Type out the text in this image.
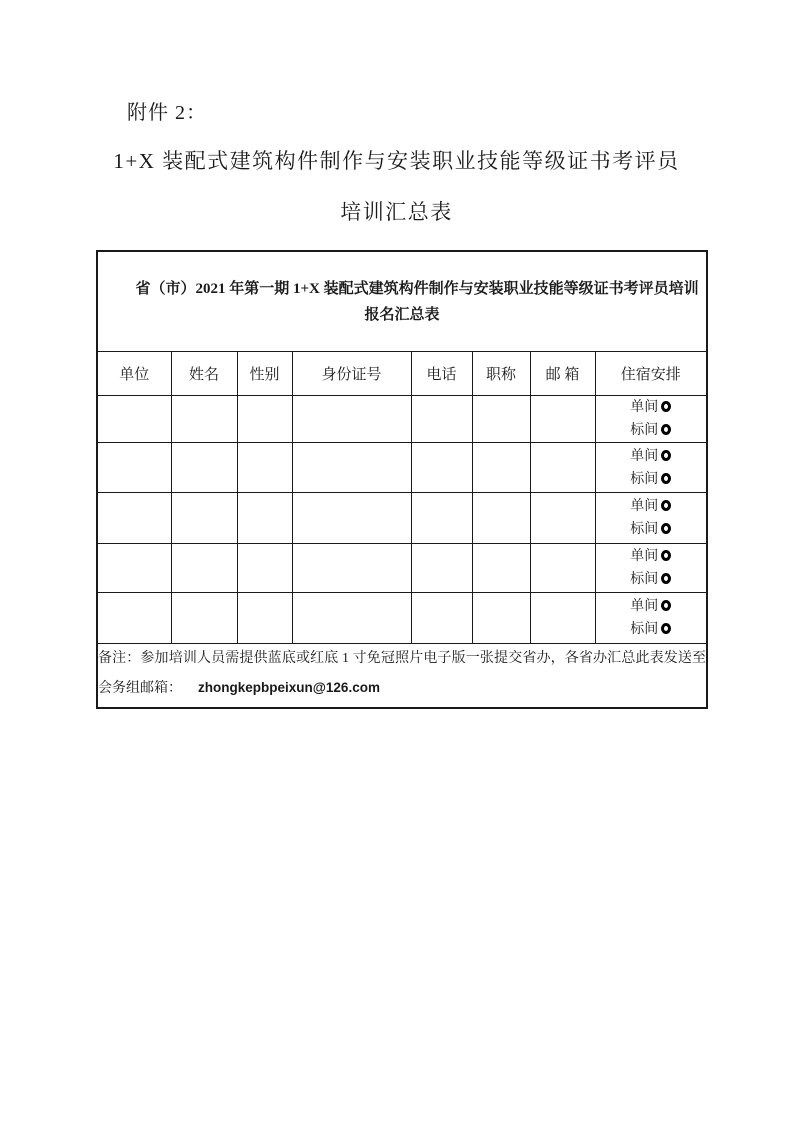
附件 2：
1+X 装配式建筑构件制作与安装职业技能等级证书考评员
培训汇总表
省（市）2021 年第一期 1+X 装配式建筑构件制作与安装职业技能等级证书考评员培训
报名汇总表							

单位	姓名	性别	身份证号	电话	职称	邮 箱	住宿安排

							单间
标间

							单间
标间

							单间
标间

							单间
标间

							单间
标间

备注：参加培训人员需提供蓝底或红底 1 寸免冠照片电子版一张提交省办，各省办汇总此表发送至
会务组邮箱： zhongkepbpeixun@126.com							
